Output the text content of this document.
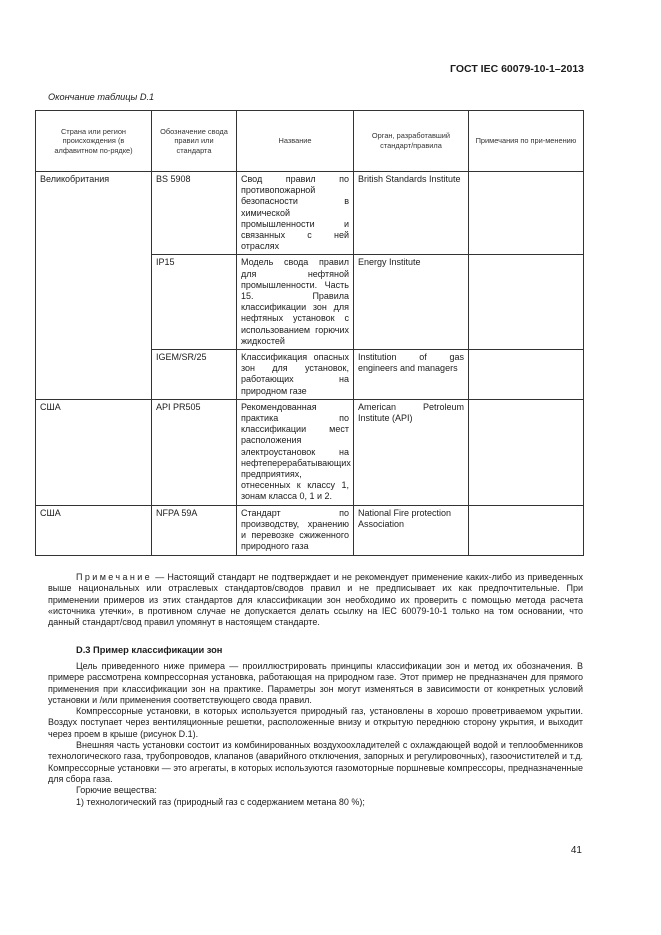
ГОСТ IEC 60079-10-1–2013
Окончание таблицы D.1
Страна или регион происхождения (в алфавитном по-рядке)	Обозначение свода правил или стандарта	Название	Орган, разработавший стандарт/правила	Примечания по при-менению
Великобритания	BS 5908	Свод правил по противопожарной безопасности в химической промышленности и связанных с ней отраслях	British Standards Institute	
	IP15	Модель свода правил для нефтяной промышленности. Часть 15. Правила классификации зон для нефтяных установок с использованием горючих жидкостей	Energy Institute	
	IGEM/SR/25	Классификация опасных зон для установок, работающих на природном газе	Institution of gas engineers and managers	
США	API PR505	Рекомендованная практика по классификации мест расположения электроустановок на нефтеперерабатывающих предприятиях, отнесенных к классу 1, зонам класса 0, 1 и 2.	American Petroleum Institute (API)	
США	NFPA 59A	Стандарт по производству, хранению и перевозке сжиженного природного газа	National Fire protection Association	

Примечание — Настоящий стандарт не подтверждает и не рекомендует применение каких-либо из приведенных выше национальных или отраслевых стандартов/сводов правил и не предписывает их как предпочтительные. При применении примеров из этих стандартов для классификации зон необходимо их проверить с помощью метода расчета «источника утечки», в противном случае не допускается делать ссылку на IEC 60079-10-1 только на том основании, что данный стандарт/свод правил упомянут в настоящем стандарте.

D.3 Пример классификации зон

Цель приведенного ниже примера — проиллюстрировать принципы классификации зон и метод их обозначения. В примере рассмотрена компрессорная установка, работающая на природном газе. Этот пример не предназначен для прямого применения при классификации зон на практике. Параметры зон могут изменяться в зависимости от конкретных условий установки и /или применения соответствующего свода правил.

Компрессорные установки, в которых используется природный газ, установлены в хорошо проветриваемом укрытии. Воздух поступает через вентиляционные решетки, расположенные внизу и открытую переднюю сторону укрытия, и выходит через проем в крыше (рисунок D.1).

Внешняя часть установки состоит из комбинированных воздухоохладителей с охлаждающей водой и теплообменников технологического газа, трубопроводов, клапанов (аварийного отключения, запорных и регулировочных), газоочистителей и т.д. Компрессорные установки — это агрегаты, в которых используются газомоторные поршневые компрессоры, предназначенные для сбора газа.

Горючие вещества:

1) технологический газ (природный газ с содержанием метана 80 %);

41
